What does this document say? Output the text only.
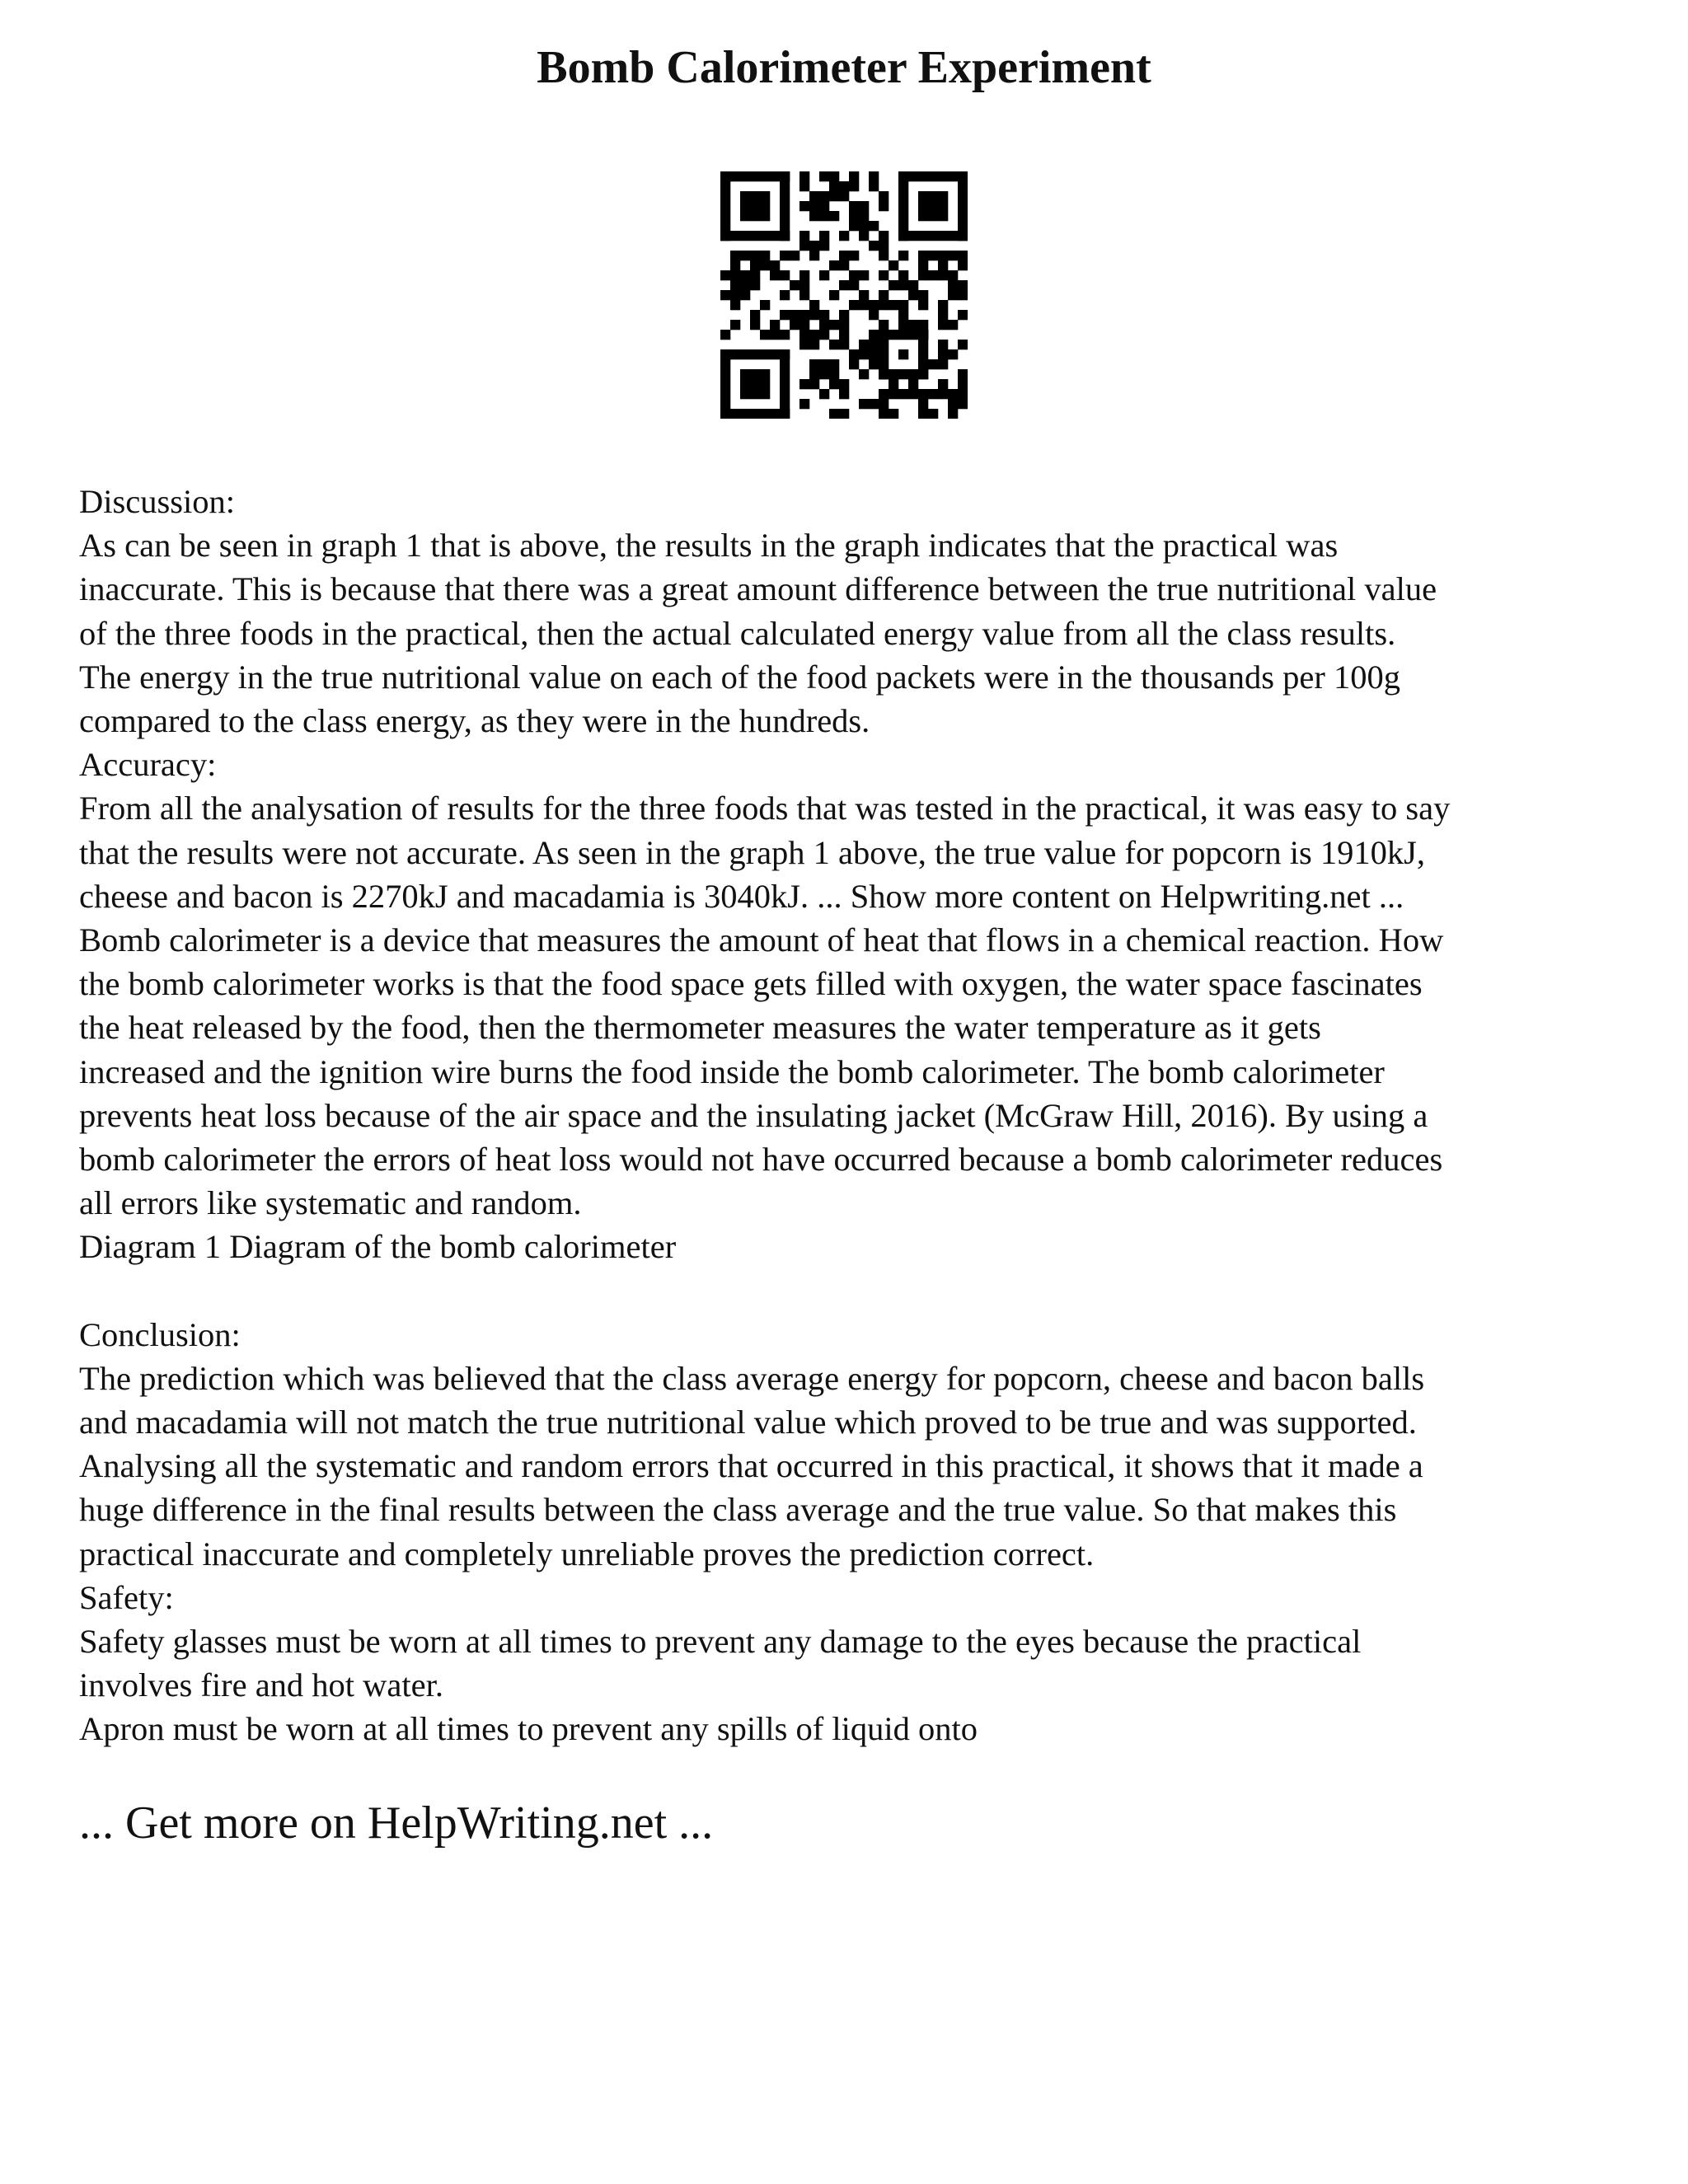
Bomb Calorimeter Experiment

Discussion:

As can be seen in graph 1 that is above, the results in the graph indicates that the practical was
inaccurate. This is because that there was a great amount difference between the true nutritional value
of the three foods in the practical, then the actual calculated energy value from all the class results.
The energy in the true nutritional value on each of the food packets were in the thousands per 100g
compared to the class energy, as they were in the hundreds.

Accuracy:

From all the analysation of results for the three foods that was tested in the practical, it was easy to say
that the results were not accurate. As seen in the graph 1 above, the true value for popcorn is 1910kJ,
cheese and bacon is 2270kJ and macadamia is 3040kJ. ... Show more content on Helpwriting.net ...
Bomb calorimeter is a device that measures the amount of heat that flows in a chemical reaction. How
the bomb calorimeter works is that the food space gets filled with oxygen, the water space fascinates
the heat released by the food, then the thermometer measures the water temperature as it gets
increased and the ignition wire burns the food inside the bomb calorimeter. The bomb calorimeter
prevents heat loss because of the air space and the insulating jacket (McGraw Hill, 2016). By using a
bomb calorimeter the errors of heat loss would not have occurred because a bomb calorimeter reduces
all errors like systematic and random.

Diagram 1 Diagram of the bomb calorimeter

Conclusion:

The prediction which was believed that the class average energy for popcorn, cheese and bacon balls
and macadamia will not match the true nutritional value which proved to be true and was supported.
Analysing all the systematic and random errors that occurred in this practical, it shows that it made a
huge difference in the final results between the class average and the true value. So that makes this
practical inaccurate and completely unreliable proves the prediction correct.

Safety:

Safety glasses must be worn at all times to prevent any damage to the eyes because the practical
involves fire and hot water.

Apron must be worn at all times to prevent any spills of liquid onto

... Get more on HelpWriting.net ...
